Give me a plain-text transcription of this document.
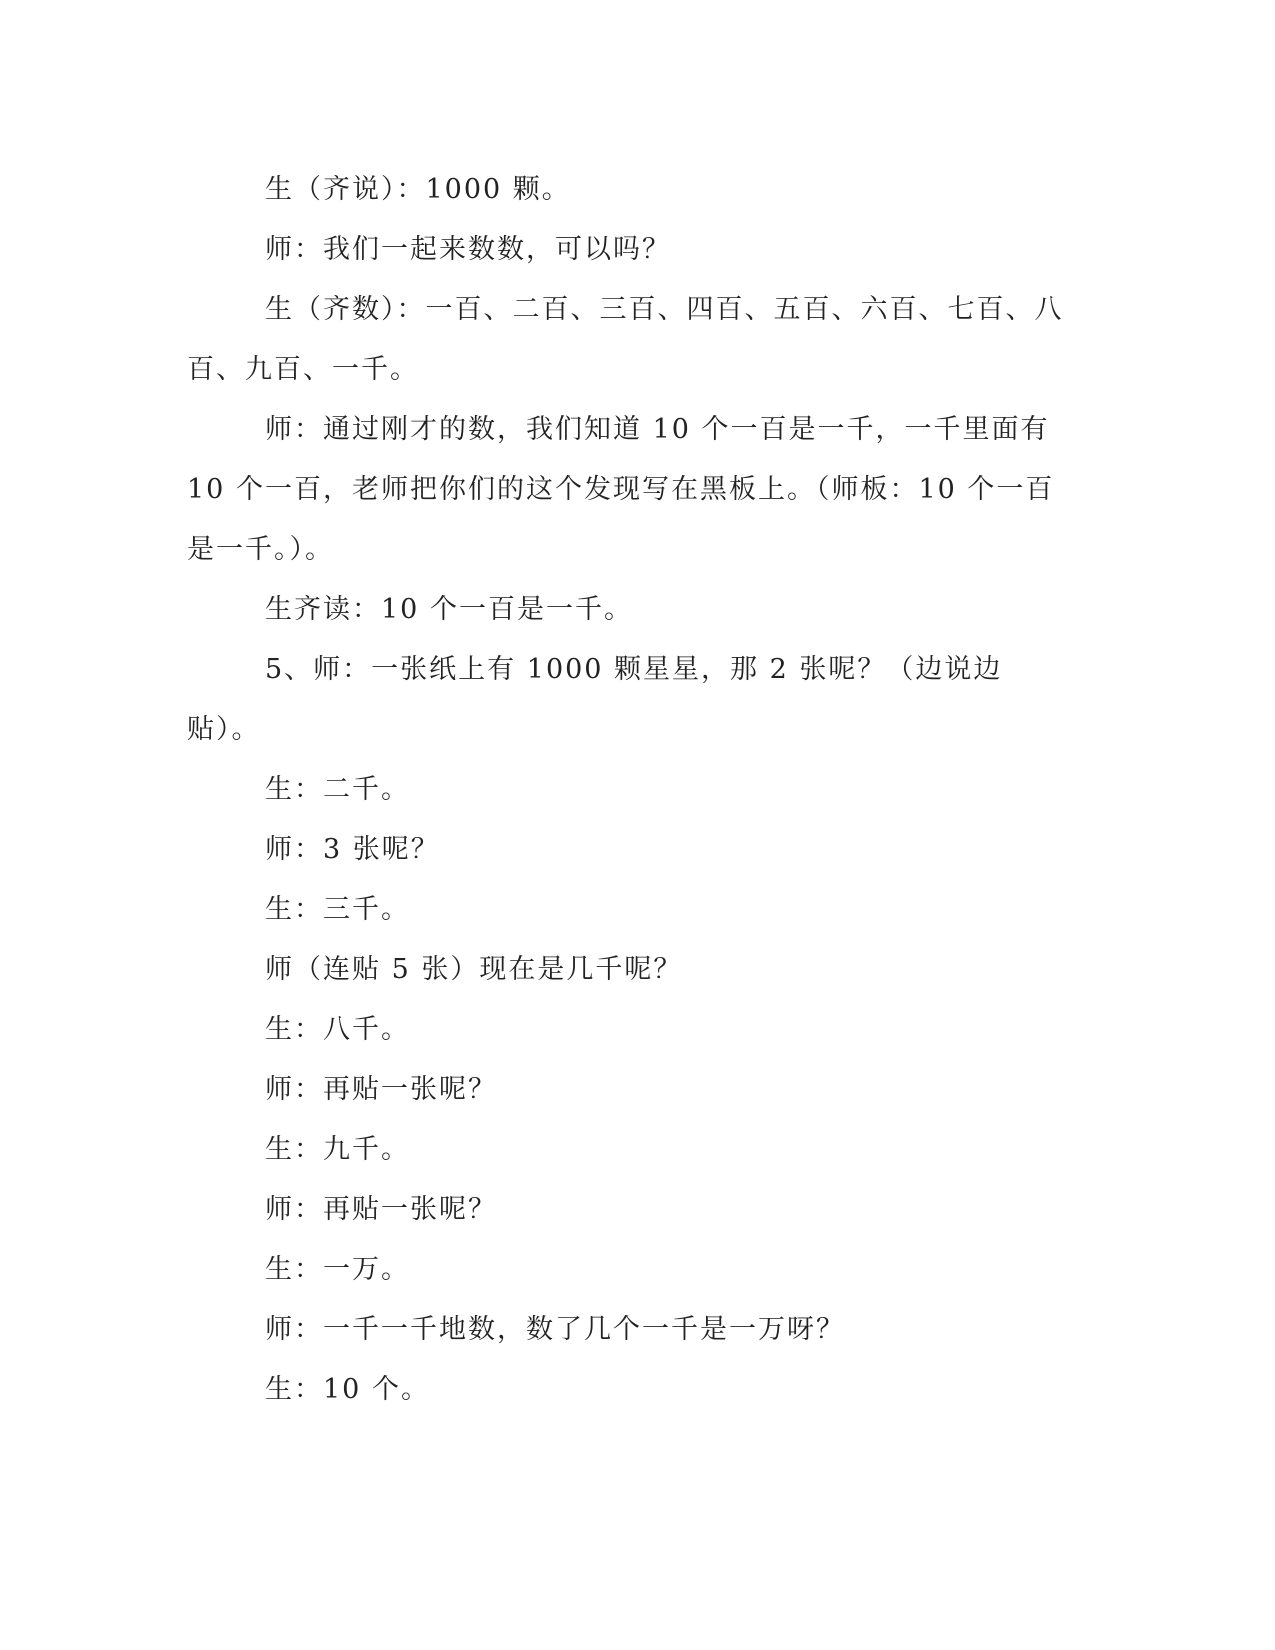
生（齐说）：1000 颗。

师：我们一起来数数，可以吗？

生（齐数）：一百、二百、三百、四百、五百、六百、七百、八百、九百、一千。

师：通过刚才的数，我们知道 10 个一百是一千，一千里面有 10 个一百，老师把你们的这个发现写在黑板上。（师板：10 个一百是一千。）。

生齐读：10 个一百是一千。

5、师：一张纸上有 1000 颗星星，那 2 张呢？（边说边贴）。

生：二千。

师：3 张呢？

生：三千。

师（连贴 5 张）现在是几千呢？

生：八千。

师：再贴一张呢？

生：九千。

师：再贴一张呢？

生：一万。

师：一千一千地数，数了几个一千是一万呀？

生：10 个。
